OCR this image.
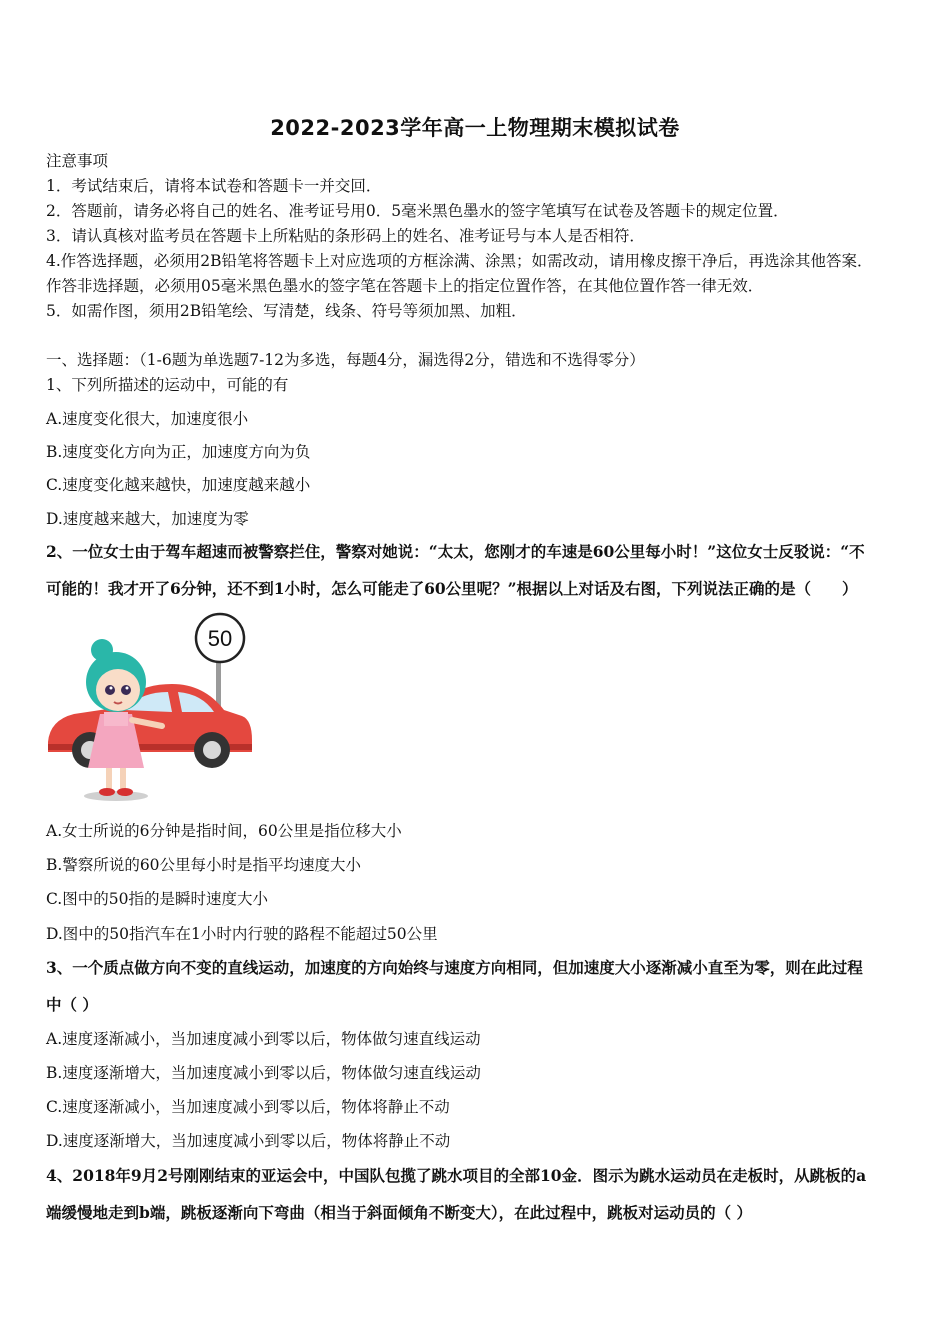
2022-2023学年高一上物理期末模拟试卷
注意事项
1．考试结束后，请将本试卷和答题卡一并交回．
2．答题前，请务必将自己的姓名、准考证号用0．5毫米黑色墨水的签字笔填写在试卷及答题卡的规定位置．
3．请认真核对监考员在答题卡上所粘贴的条形码上的姓名、准考证号与本人是否相符．
4.作答选择题，必须用2B铅笔将答题卡上对应选项的方框涂满、涂黑；如需改动，请用橡皮擦干净后，再选涂其他答案．
作答非选择题，必须用05毫米黑色墨水的签字笔在答题卡上的指定位置作答，在其他位置作答一律无效．
5．如需作图，须用2B铅笔绘、写清楚，线条、符号等须加黑、加粗．
一、选择题：（1-6题为单选题7-12为多选，每题4分，漏选得2分，错选和不选得零分）
1、下列所描述的运动中，可能的有
A.速度变化很大，加速度很小
B.速度变化方向为正，加速度方向为负
C.速度变化越来越快，加速度越来越小
D.速度越来越大，加速度为零
2、一位女士由于驾车超速而被警察拦住，警察对她说：“太太，您刚才的车速是60公里每小时！”这位女士反驳说：“不
可能的！我才开了6分钟，还不到1小时，怎么可能走了60公里呢？”根据以上对话及右图，下列说法正确的是（　　）
50
A.女士所说的6分钟是指时间，60公里是指位移大小
B.警察所说的60公里每小时是指平均速度大小
C.图中的50指的是瞬时速度大小
D.图中的50指汽车在1小时内行驶的路程不能超过50公里
3、一个质点做方向不变的直线运动，加速度的方向始终与速度方向相同，但加速度大小逐渐减小直至为零，则在此过程
中（ ）
A.速度逐渐减小，当加速度减小到零以后，物体做匀速直线运动
B.速度逐渐增大，当加速度减小到零以后，物体做匀速直线运动
C.速度逐渐减小，当加速度减小到零以后，物体将静止不动
D.速度逐渐增大，当加速度减小到零以后，物体将静止不动
4、2018年9月2号刚刚结束的亚运会中，中国队包揽了跳水项目的全部10金．图示为跳水运动员在走板时，从跳板的a
端缓慢地走到b端，跳板逐渐向下弯曲（相当于斜面倾角不断变大），在此过程中，跳板对运动员的（ ）
